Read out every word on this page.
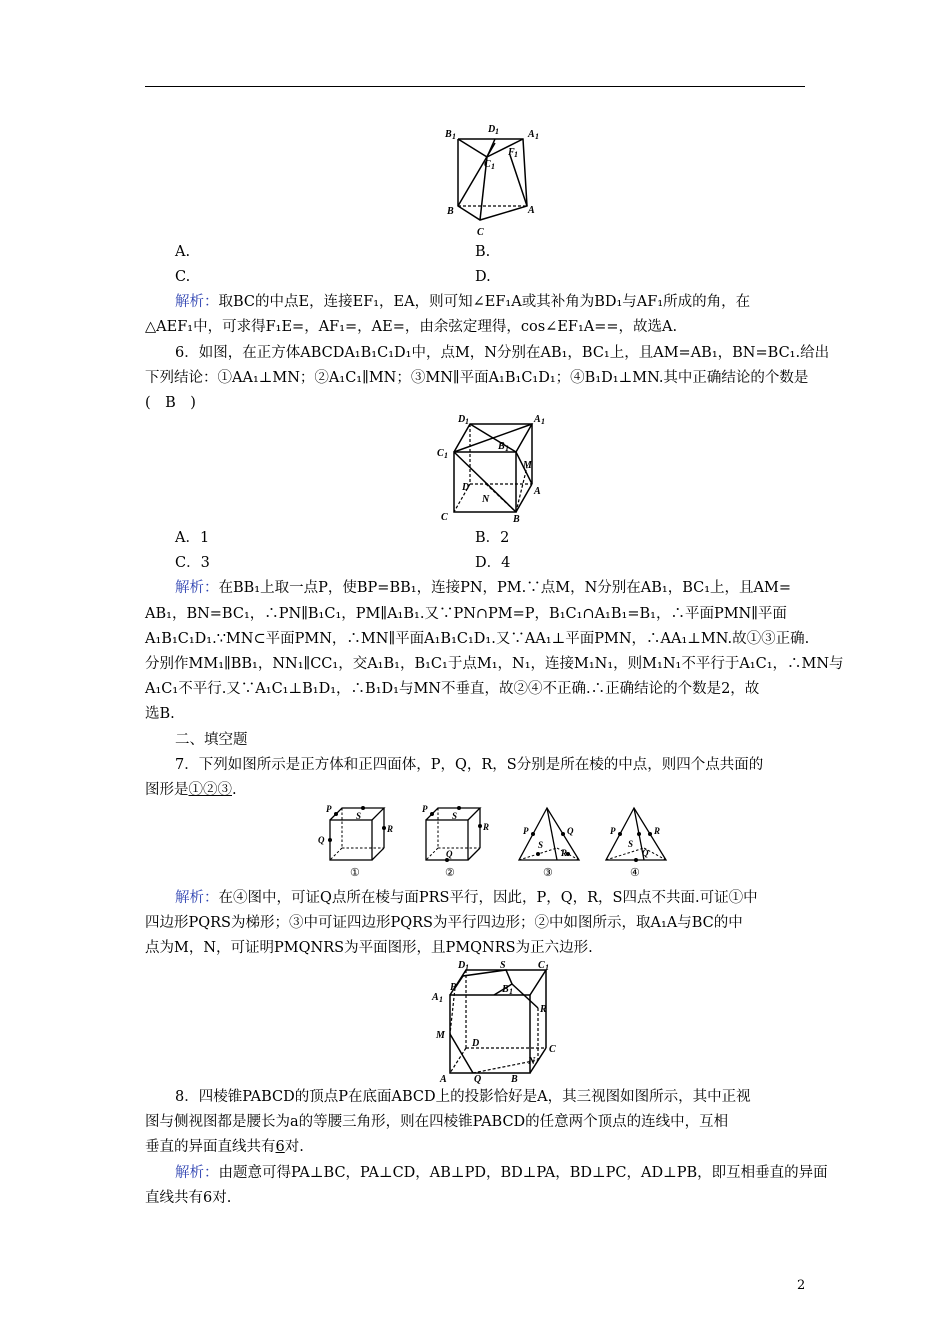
B 1
D 1	A 1
C 1
F 1
B
C
A
A.	B.
C.	D.
解析：取BC的中点E，连接EF₁，EA，则可知∠EF₁A或其补角为BD₁与AF₁所成的角，在
△AEF₁中，可求得F₁E=，AF₁=，AE=，由余弦定理得，cos∠EF₁A==，故选A.
6．如图，在正方体ABCDA₁B₁C₁D₁中，点M，N分别在AB₁，BC₁上，且AM=AB₁，BN=BC₁.给出
下列结论：①AA₁⊥MN；②A₁C₁∥MN；③MN∥平面A₁B₁C₁D₁；④B₁D₁⊥MN.其中正确结论的个数是
(　B　)
D 1	A 1
B 1
C 1
M
D
N
A
C	B
A．1	B．2
C．3	D．4
解析：在BB₁上取一点P，使BP=BB₁，连接PN，PM.∵点M，N分别在AB₁，BC₁上，且AM=
AB₁，BN=BC₁，∴PN∥B₁C₁，PM∥A₁B₁.又∵PN∩PM=P，B₁C₁∩A₁B₁=B₁，∴平面PMN∥平面
A₁B₁C₁D₁.∵MN⊂平面PMN，∴MN∥平面A₁B₁C₁D₁.又∵AA₁⊥平面PMN，∴AA₁⊥MN.故①③正确.
分别作MM₁∥BB₁，NN₁∥CC₁，交A₁B₁，B₁C₁于点M₁，N₁，连接M₁N₁，则M₁N₁不平行于A₁C₁，∴MN与
A₁C₁不平行.又∵A₁C₁⊥B₁D₁，∴B₁D₁与MN不垂直，故②④不正确.∴正确结论的个数是2，故
选B.
二、填空题
7．下列如图所示是正方体和正四面体，P，Q，R，S分别是所在棱的中点，则四个点共面的
图形是①②③.
P
S
R
Q
①
P
S
R
Q
②
P	Q
S
R
③
P	R
S
Q
④
解析：在④图中，可证Q点所在棱与面PRS平行，因此，P，Q，R，S四点不共面.可证①中
四边形PQRS为梯形；③中可证四边形PQRS为平行四边形；②中如图所示，取A₁A与BC的中
点为M，N，可证明PMQNRS为平面图形，且PMQNRS为正六边形.
D 1	S	C 1
A 1
P	B 1
R
M
D
C
N
A	Q	B
8．四棱锥PABCD的顶点P在底面ABCD上的投影恰好是A，其三视图如图所示，其中正视
图与侧视图都是腰长为a的等腰三角形，则在四棱锥PABCD的任意两个顶点的连线中，互相
垂直的异面直线共有6对.
解析：由题意可得PA⊥BC，PA⊥CD，AB⊥PD，BD⊥PA，BD⊥PC，AD⊥PB，即互相垂直的异面
直线共有6对.
2
